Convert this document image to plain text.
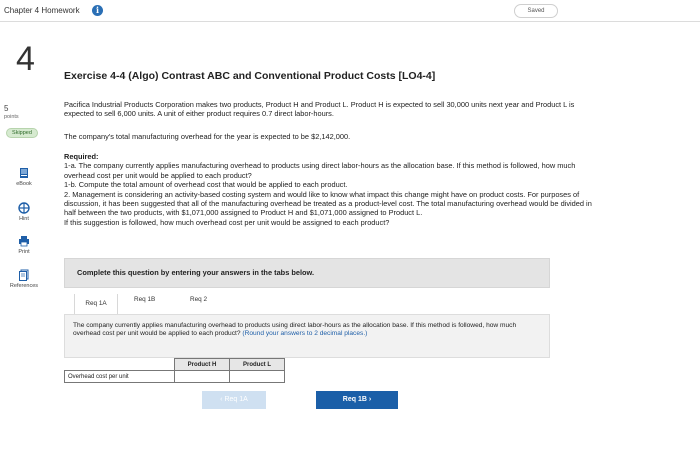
Chapter 4 Homework	i	Saved
4
5
points
Skipped
eBook
Hint
Print
References
Exercise 4-4 (Algo) Contrast ABC and Conventional Product Costs [LO4-4]
Pacifica Industrial Products Corporation makes two products, Product H and Product L. Product H is expected to sell 30,000 units next year and Product L is expected to sell 6,000 units. A unit of either product requires 0.7 direct labor-hours.
The company's total manufacturing overhead for the year is expected to be $2,142,000.
Required:
1-a. The company currently applies manufacturing overhead to products using direct labor-hours as the allocation base. If this method is followed, how much overhead cost per unit would be applied to each product?
1-b. Compute the total amount of overhead cost that would be applied to each product.
2. Management is considering an activity-based costing system and would like to know what impact this change might have on product costs. For purposes of discussion, it has been suggested that all of the manufacturing overhead be treated as a product-level cost. The total manufacturing overhead would be divided in half between the two products, with $1,071,000 assigned to Product H and $1,071,000 assigned to Product L.
If this suggestion is followed, how much overhead cost per unit would be assigned to each product?
Complete this question by entering your answers in the tabs below.
Req 1A
Req 1B	Req 2

The company currently applies manufacturing overhead to products using direct labor-hours as the allocation base. If this method is followed, how much overhead cost per unit would be applied to each product? (Round your answers to 2 decimal places.)

	Product H	Product L
Overhead cost per unit		
‹ Req 1A	Req 1B ›
